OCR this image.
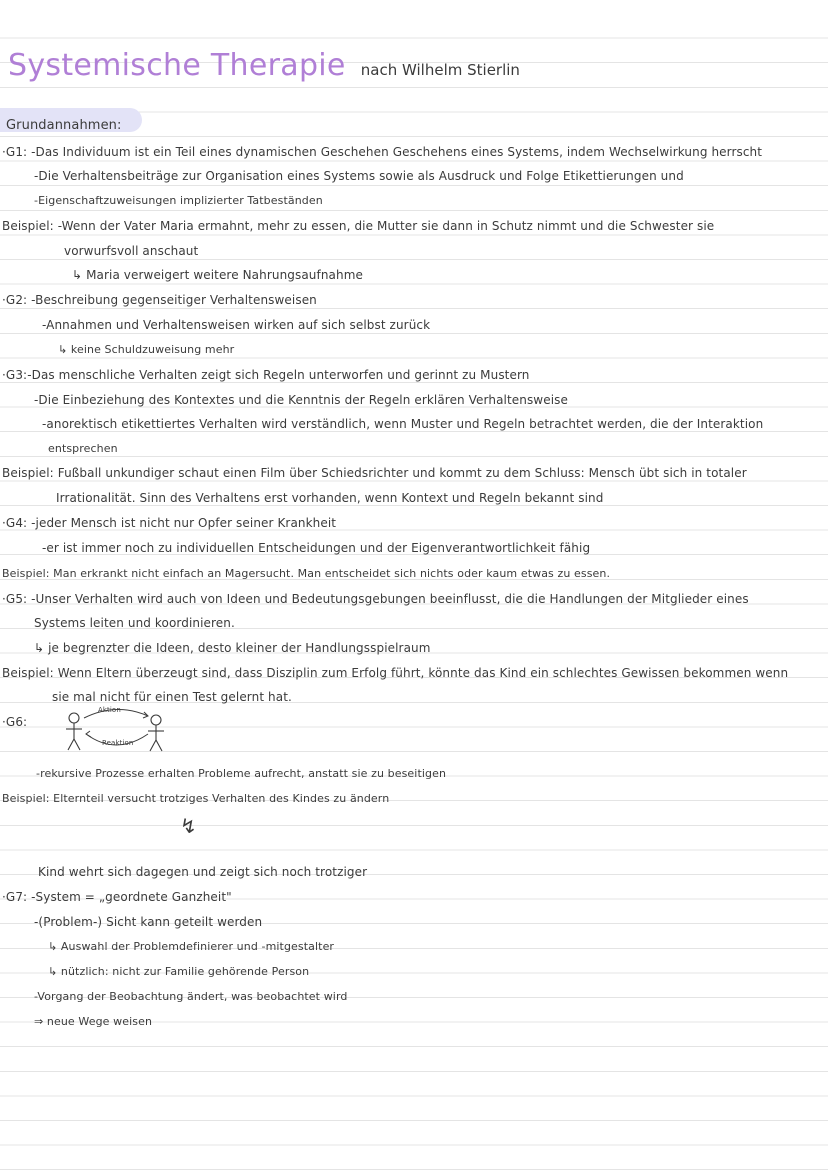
Systemische Therapie nach Wilhelm Stierlin
Grundannahmen:
·G1: -Das Individuum ist ein Teil eines dynamischen Geschehen Geschehens eines Systems, indem Wechselwirkung herrscht
-Die Verhaltensbeiträge zur Organisation eines Systems sowie als Ausdruck und Folge Etikettierungen und
-Eigenschaftzuweisungen implizierter Tatbeständen
Beispiel: -Wenn der Vater Maria ermahnt, mehr zu essen, die Mutter sie dann in Schutz nimmt und die Schwester sie
vorwurfsvoll anschaut
↳ Maria verweigert weitere Nahrungsaufnahme
·G2: -Beschreibung gegenseitiger Verhaltensweisen
-Annahmen und Verhaltensweisen wirken auf sich selbst zurück
↳ keine Schuldzuweisung mehr
·G3:-Das menschliche Verhalten zeigt sich Regeln unterworfen und gerinnt zu Mustern
-Die Einbeziehung des Kontextes und die Kenntnis der Regeln erklären Verhaltensweise
-anorektisch etikettiertes Verhalten wird verständlich, wenn Muster und Regeln betrachtet werden, die der Interaktion
entsprechen
Beispiel: Fußball unkundiger schaut einen Film über Schiedsrichter und kommt zu dem Schluss: Mensch übt sich in totaler
Irrationalität. Sinn des Verhaltens erst vorhanden, wenn Kontext und Regeln bekannt sind
·G4: -jeder Mensch ist nicht nur Opfer seiner Krankheit
-er ist immer noch zu individuellen Entscheidungen und der Eigenverantwortlichkeit fähig
Beispiel: Man erkrankt nicht einfach an Magersucht. Man entscheidet sich nichts oder kaum etwas zu essen.
·G5: -Unser Verhalten wird auch von Ideen und Bedeutungsgebungen beeinflusst, die die Handlungen der Mitglieder eines
Systems leiten und koordinieren.
↳ je begrenzter die Ideen, desto kleiner der Handlungsspielraum
Beispiel: Wenn Eltern überzeugt sind, dass Disziplin zum Erfolg führt, könnte das Kind ein schlechtes Gewissen bekommen wenn
sie mal nicht für einen Test gelernt hat.
·G6:
Aktion
Reaktion
-rekursive Prozesse erhalten Probleme aufrecht, anstatt sie zu beseitigen
Beispiel: Elternteil versucht trotziges Verhalten des Kindes zu ändern
↯
Kind wehrt sich dagegen und zeigt sich noch trotziger
·G7: -System = „geordnete Ganzheit"
-(Problem-) Sicht kann geteilt werden
↳ Auswahl der Problemdefinierer und -mitgestalter
↳ nützlich: nicht zur Familie gehörende Person
-Vorgang der Beobachtung ändert, was beobachtet wird
⇒ neue Wege weisen
